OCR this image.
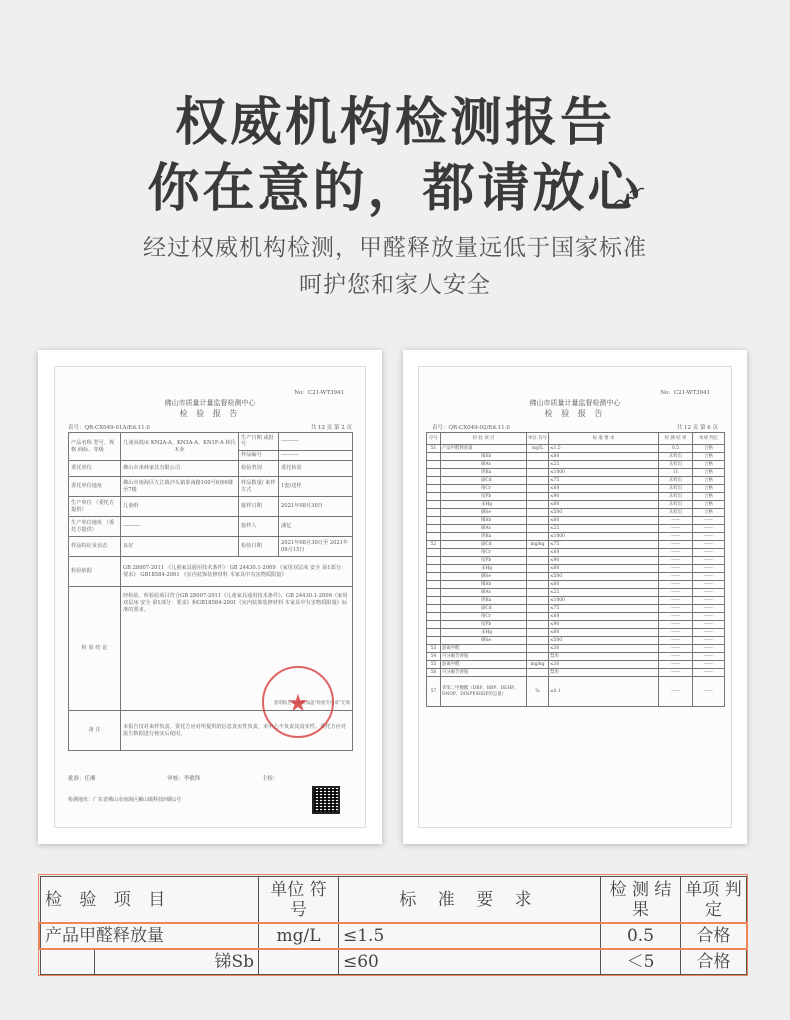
权威机构检测报告
你在意的，都请放心
经过权威机构检测，甲醛释放量远低于国家标准
呵护您和家人安全
No：C21-WT3941
佛山市质量计量监督检测中心
检 验 报 告
表号：QR-CX049-01A/Ed.11.0	共 12 页 第 2 页
产品名称 型号、规格 商标、等级	儿童高低床 KN2A-A、KN3A-A、KN1F-A 林氏木业	生产日期 或批号	----------
		样品编号	----------
委托单位	佛山市承林家具有限公司	检验类别	委托检验
委托单位地址	佛山市南海区九江镇沙头镇泰南路100号6座6楼至7楼	样品数量/ 来样方式	1套/送样
生产单位 （委托方提供）	儿童组	接样日期	2021年08月30日
生产单位地址 （委托方提供）	----------	接样人	潘忆
样品特征及状态	良好	检验日期	2021年08月30日至 2021年09月15日
检验依据	GB 28007-2011 《儿童家具通用技术条件》 GB 24430.1-2009 《家用双层床 安全 第1部分：要求》 GB18584-2001 《室内装饰装修材料 木家具中有害物质限量》		
检 验 结 论	经检验，所检验项目符合GB 28007-2011《儿童家具通用技术条件》、GB 24430.1-2009《家用双层床 安全 第1部分：要求》和GB18584-2001《室内装饰装修材料 木家具中有害物质限量》标准的要求。
复印报告未重新加盖"检验专用章"无效		

备 注	本报告仅对来样负责。委托方应对所提供的信息真实性负责，本中心不负责其真实性。委托方应对报告数据进行核实后使用。		
★
批准：任湘	审核：李敏锋	主检：
检测地址：广东省佛山市南海区狮山镇科技西路2号
No：C21-WT3941
佛山市质量计量监督检测中心
检 验 报 告
表号：QR-CX049-02/Ed.11.0	共 12 页 第 6 页
序号	检 验 项 目	单位 符号	标 准 要 求	检 测 结 果	单项 判定
51	产品甲醛释放量	mg/L	≤1.5	0.5	合格
	锑Sb		≤60	未检出	合格
	砷As		≤25	未检出	合格
	钡Ba		≤1000	11	合格
	镉Cd		≤75	未检出	合格
	铬Cr		≤60	未检出	合格
	铅Pb		≤90	未检出	合格
	汞Hg		≤60	未检出	合格
	硒Se		≤500	未检出	合格
	锑Sb		≤60	——	——
	砷As		≤25	——	——
	钡Ba		≤1000	——	——
52	镉Cd	mg/kg	≤75	——	——
	铬Cr		≤60	——	——
	铅Pb		≤90	——	——
	汞Hg		≤60	——	——
	硒Se		≤500	——	——
	锑Sb		≤60	——	——
	砷As		≤25	——	——
	钡Ba		≤1000	——	——
	镉Cd		≤75	——	——
	铬Cr		≤60	——	——
	铅Pb		≤90	——	——
	汞Hg		≤60	——	——
	硒Se		≤500	——	——
53	游离甲醛		≤30	——	——
54	可分解芳香胺		禁用	——	——
55	游离甲醛	mg/kg	≤30	——	——
56	可分解芳香胺		禁用	——	——
57	邻苯二甲酸酯（DBP、BBP、DEHP、DNOP、DINP和DIDP的总量）	%	≤0.1	——	——
检 验 项 目		单位 符号	标 准 要 求	检 测 结 果	单项 判定
产品甲醛释放量		mg/L	≤1.5	0.5	合格
	锑Sb		≤60	＜5	合格
